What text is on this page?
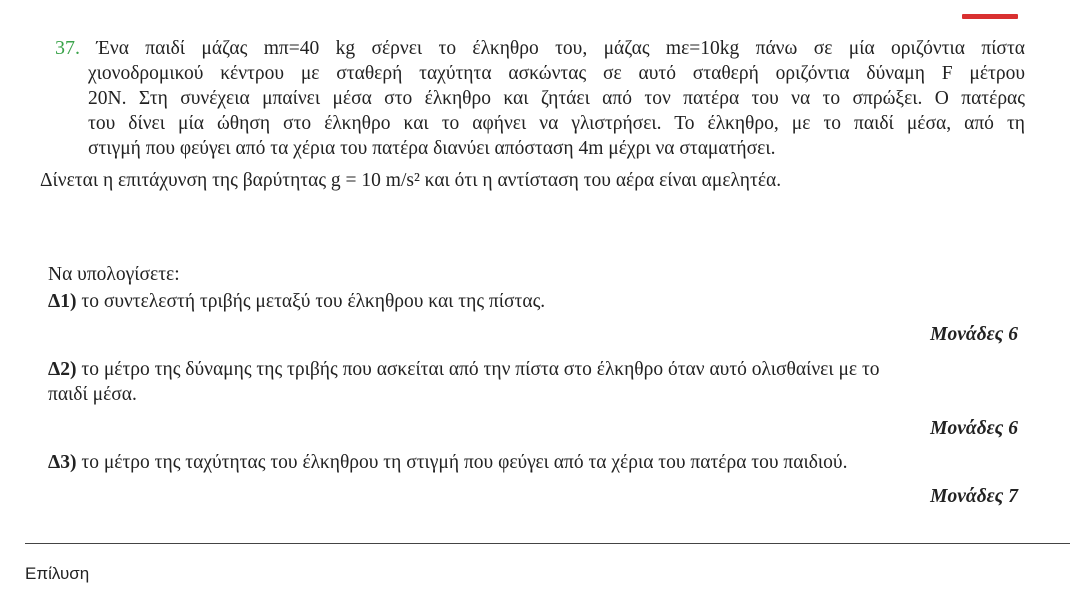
37. Ένα παιδί μάζας mπ=40 kg σέρνει το έλκηθρο του, μάζας mε=10kg πάνω σε μία οριζόντια πίστα
χιονοδρομικού κέντρου με σταθερή ταχύτητα ασκώντας σε αυτό σταθερή οριζόντια δύναμη F μέτρου
20Ν. Στη συνέχεια μπαίνει μέσα στο έλκηθρο και ζητάει από τον πατέρα του να το σπρώξει. Ο πατέρας
του δίνει μία ώθηση στο έλκηθρο και το αφήνει να γλιστρήσει. Το έλκηθρο, με το παιδί μέσα, από τη
στιγμή που φεύγει από τα χέρια του πατέρα διανύει απόσταση 4m μέχρι να σταματήσει.
Δίνεται η επιτάχυνση της βαρύτητας g = 10 m/s² και ότι η αντίσταση του αέρα είναι αμελητέα.
Να υπολογίσετε:
Δ1) το συντελεστή τριβής μεταξύ του έλκηθρου και της πίστας.
Μονάδες 6
Δ2) το μέτρο της δύναμης της τριβής που ασκείται από την πίστα στο έλκηθρο όταν αυτό ολισθαίνει με το
παιδί μέσα.
Μονάδες 6
Δ3) το μέτρο της ταχύτητας του έλκηθρου τη στιγμή που φεύγει από τα χέρια του πατέρα του παιδιού.
Μονάδες 7
Επίλυση
